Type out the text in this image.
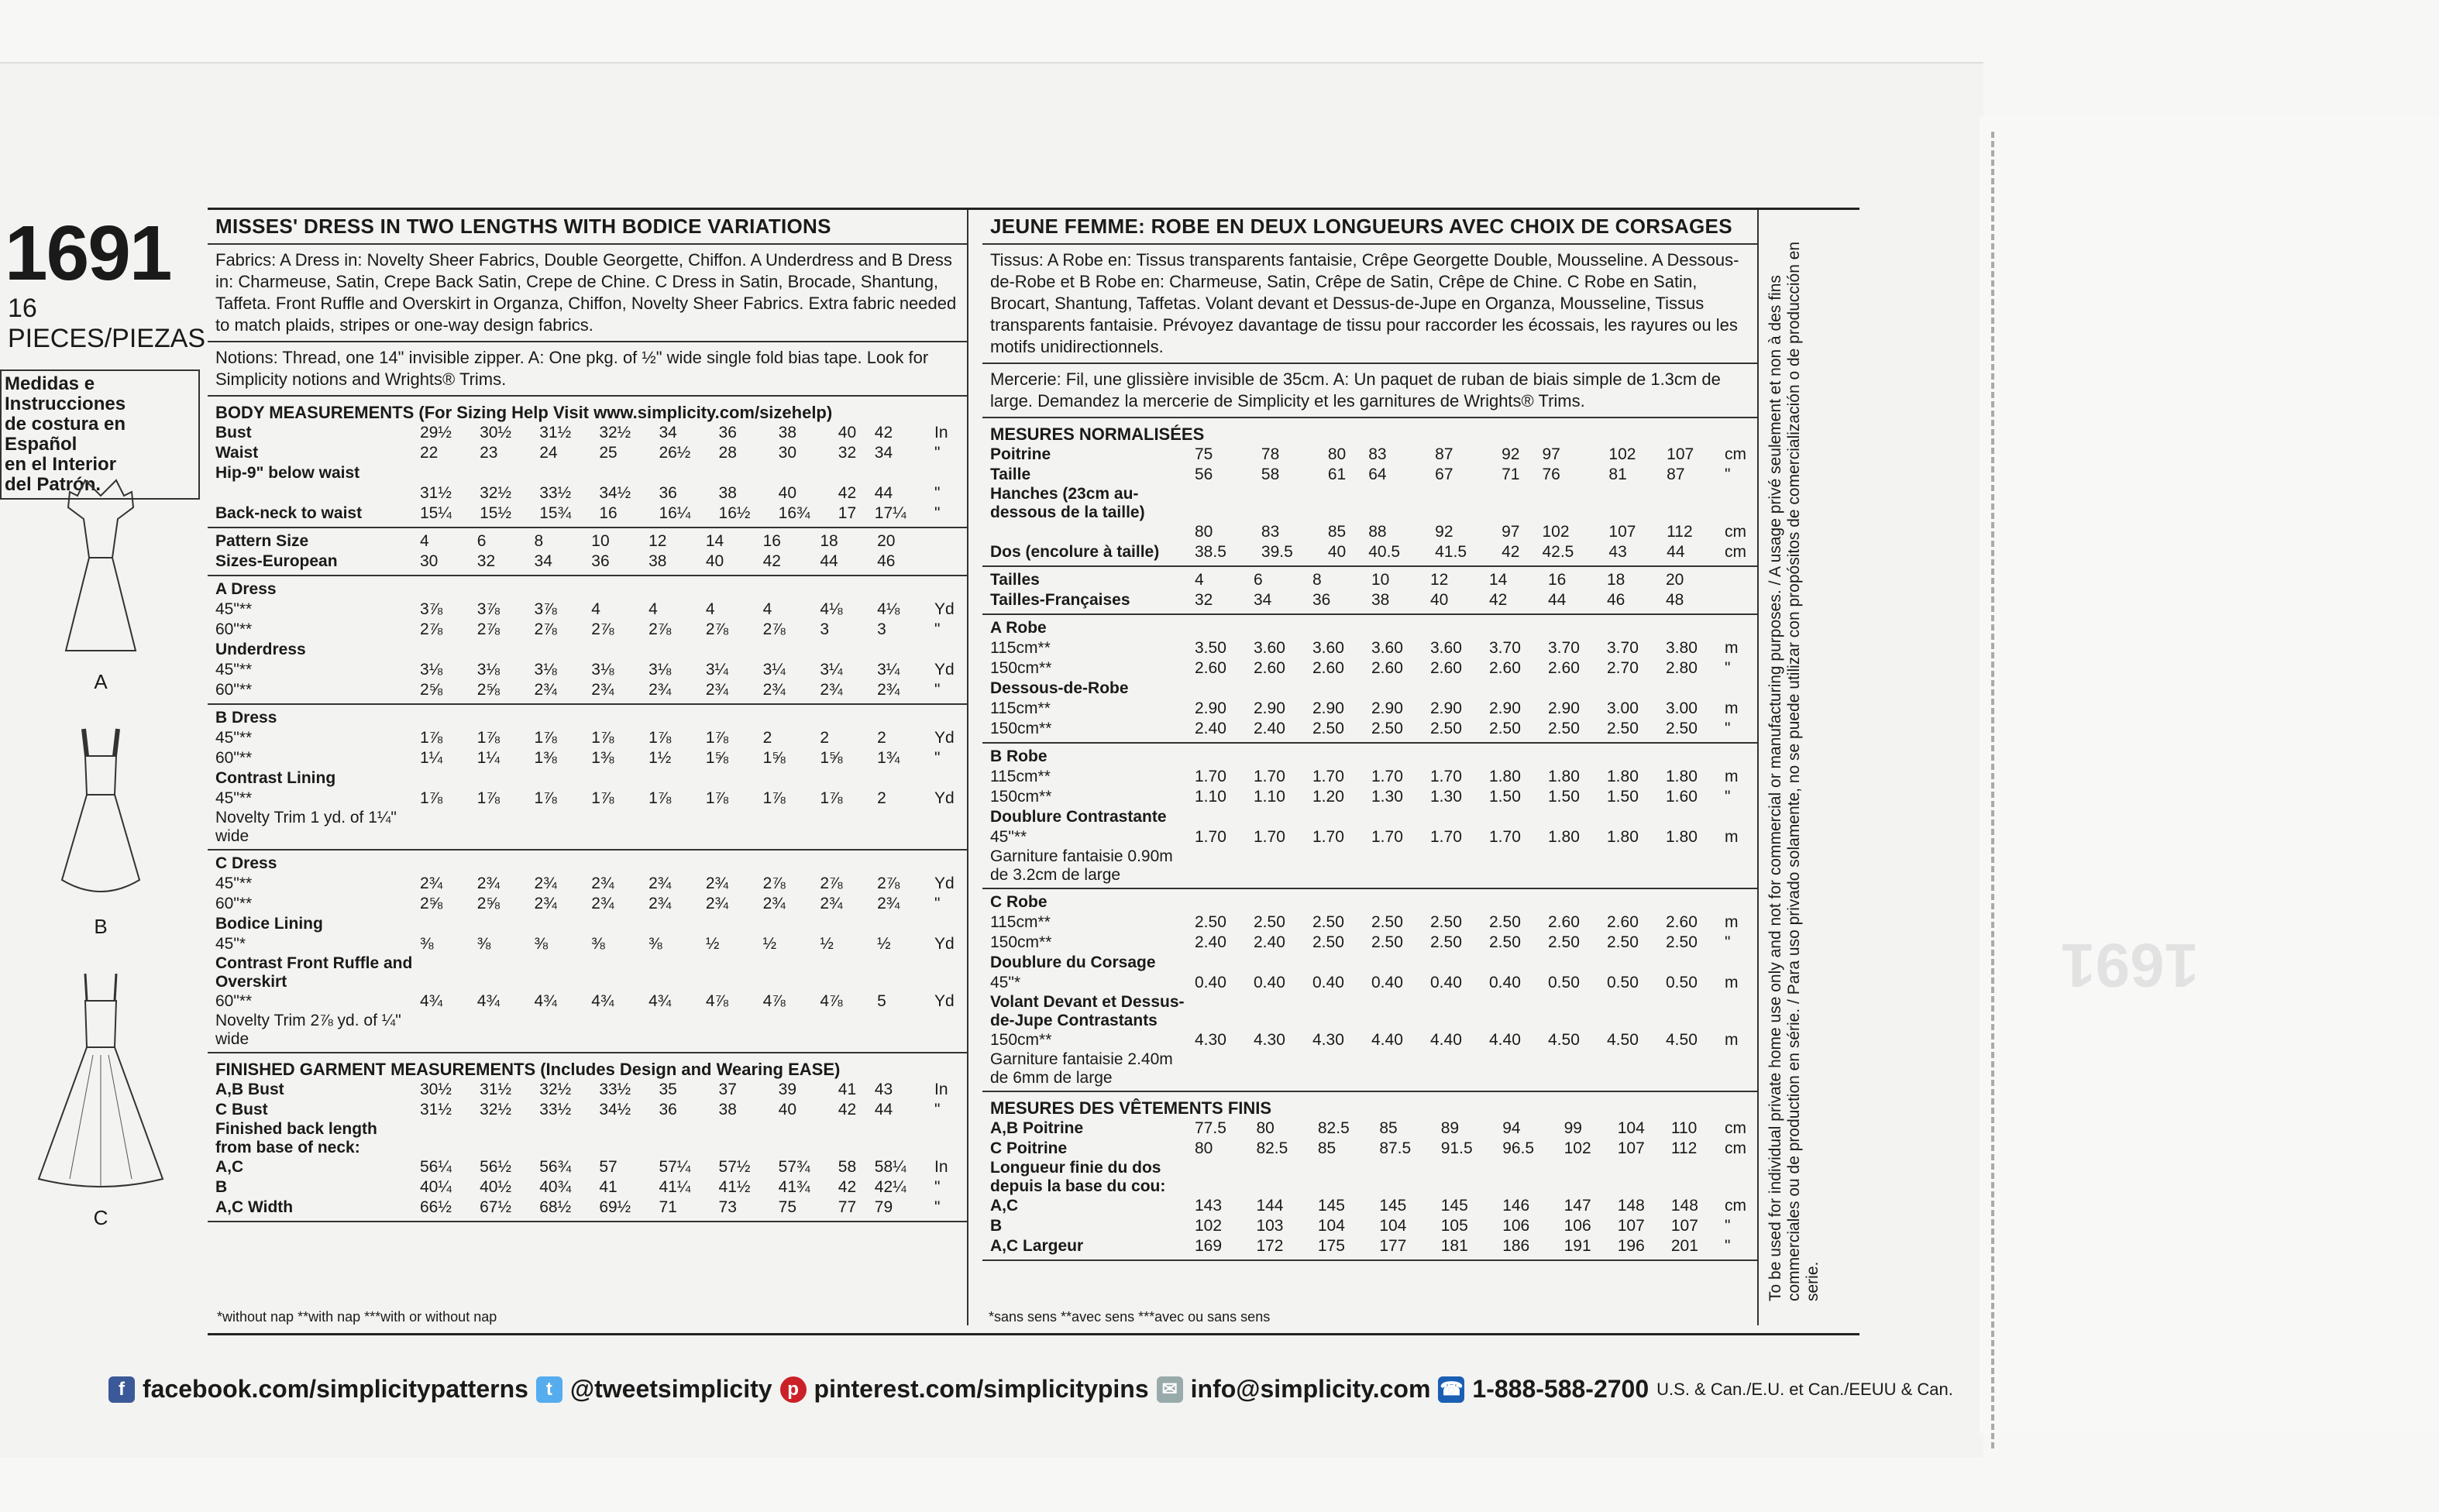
1691
1691
16 PIECES/PIEZAS
Medidas e Instrucciones
de costura en Español
en el Interior
del Patrón.
A
B
C
MISSES' DRESS IN TWO LENGTHS WITH BODICE VARIATIONS
Fabrics: A Dress in: Novelty Sheer Fabrics, Double Georgette, Chiffon. A Underdress and B Dress in: Charmeuse, Satin, Crepe Back Satin, Crepe de Chine. C Dress in Satin, Brocade, Shantung, Taffeta. Front Ruffle and Overskirt in Organza, Chiffon, Novelty Sheer Fabrics. Extra fabric needed to match plaids, stripes or one-way design fabrics.
Notions: Thread, one 14" invisible zipper. A: One pkg. of ½" wide single fold bias tape. Look for Simplicity notions and Wrights® Trims.
BODY MEASUREMENTS (For Sizing Help Visit www.simplicity.com/sizehelp)
Bust	29½	30½	31½	32½	34	36	38	40	42	In
Waist	22	23	24	25	26½	28	30	32	34	"
Hip-9" below waist										
	31½	32½	33½	34½	36	38	40	42	44	"
Back-neck to waist	15¼	15½	15¾	16	16¼	16½	16¾	17	17¼	"
Pattern Size	4	6	8	10	12	14	16	18	20	
Sizes-European	30	32	34	36	38	40	42	44	46	
A Dress										
45"**	3⅞	3⅞	3⅞	4	4	4	4	4⅛	4⅛	Yd
60"**	2⅞	2⅞	2⅞	2⅞	2⅞	2⅞	2⅞	3	3	"
Underdress										
45"**	3⅛	3⅛	3⅛	3⅛	3⅛	3¼	3¼	3¼	3¼	Yd
60"**	2⅝	2⅝	2¾	2¾	2¾	2¾	2¾	2¾	2¾	"
B Dress										
45"**	1⅞	1⅞	1⅞	1⅞	1⅞	1⅞	2	2	2	Yd
60"**	1¼	1¼	1⅜	1⅜	1½	1⅝	1⅝	1⅝	1¾	"
Contrast Lining										
45"**	1⅞	1⅞	1⅞	1⅞	1⅞	1⅞	1⅞	1⅞	2	Yd
Novelty Trim 1 yd. of 1¼" wide										
C Dress										
45"**	2¾	2¾	2¾	2¾	2¾	2¾	2⅞	2⅞	2⅞	Yd
60"**	2⅝	2⅝	2¾	2¾	2¾	2¾	2¾	2¾	2¾	"
Bodice Lining										
45"*	⅜	⅜	⅜	⅜	⅜	½	½	½	½	Yd
Contrast Front Ruffle and Overskirt										
60"**	4¾	4¾	4¾	4¾	4¾	4⅞	4⅞	4⅞	5	Yd
Novelty Trim 2⅞ yd. of ¼" wide										
FINISHED GARMENT MEASUREMENTS (Includes Design and Wearing EASE)
A,B Bust	30½	31½	32½	33½	35	37	39	41	43	In
C Bust	31½	32½	33½	34½	36	38	40	42	44	"
Finished back length from base of neck:										
A,C	56¼	56½	56¾	57	57¼	57½	57¾	58	58¼	In
B	40¼	40½	40¾	41	41¼	41½	41¾	42	42¼	"
A,C Width	66½	67½	68½	69½	71	73	75	77	79	"
JEUNE FEMME: ROBE EN DEUX LONGUEURS AVEC CHOIX DE CORSAGES
Tissus: A Robe en: Tissus transparents fantaisie, Crêpe Georgette Double, Mousseline. A Dessous-de-Robe et B Robe en: Charmeuse, Satin, Crêpe de Satin, Crêpe de Chine. C Robe en Satin, Brocart, Shantung, Taffetas. Volant devant et Dessus-de-Jupe en Organza, Mousseline, Tissus transparents fantaisie. Prévoyez davantage de tissu pour raccorder les écossais, les rayures ou les motifs unidirectionnels.
Mercerie: Fil, une glissière invisible de 35cm. A: Un paquet de ruban de biais simple de 1.3cm de large. Demandez la mercerie de Simplicity et les garnitures de Wrights® Trims.
MESURES NORMALISÉES
Poitrine	75	78	80	83	87	92	97	102	107	cm
Taille	56	58	61	64	67	71	76	81	87	"
Hanches (23cm au-dessous de la taille)										
	80	83	85	88	92	97	102	107	112	cm
Dos (encolure à taille)	38.5	39.5	40	40.5	41.5	42	42.5	43	44	cm
Tailles	4	6	8	10	12	14	16	18	20	
Tailles-Françaises	32	34	36	38	40	42	44	46	48	
A Robe										
115cm**	3.50	3.60	3.60	3.60	3.60	3.70	3.70	3.70	3.80	m
150cm**	2.60	2.60	2.60	2.60	2.60	2.60	2.60	2.70	2.80	"
Dessous-de-Robe										
115cm**	2.90	2.90	2.90	2.90	2.90	2.90	2.90	3.00	3.00	m
150cm**	2.40	2.40	2.50	2.50	2.50	2.50	2.50	2.50	2.50	"
B Robe										
115cm**	1.70	1.70	1.70	1.70	1.70	1.80	1.80	1.80	1.80	m
150cm**	1.10	1.10	1.20	1.30	1.30	1.50	1.50	1.50	1.60	"
Doublure Contrastante										
45"**	1.70	1.70	1.70	1.70	1.70	1.70	1.80	1.80	1.80	m
Garniture fantaisie 0.90m de 3.2cm de large										
C Robe										
115cm**	2.50	2.50	2.50	2.50	2.50	2.50	2.60	2.60	2.60	m
150cm**	2.40	2.40	2.50	2.50	2.50	2.50	2.50	2.50	2.50	"
Doublure du Corsage										
45"*	0.40	0.40	0.40	0.40	0.40	0.40	0.50	0.50	0.50	m
Volant Devant et Dessus-de-Jupe Contrastants										
150cm**	4.30	4.30	4.30	4.40	4.40	4.40	4.50	4.50	4.50	m
Garniture fantaisie 2.40m de 6mm de large										
MESURES DES VÊTEMENTS FINIS
A,B Poitrine	77.5	80	82.5	85	89	94	99	104	110	cm
C Poitrine	80	82.5	85	87.5	91.5	96.5	102	107	112	cm
Longueur finie du dos depuis la base du cou:										
A,C	143	144	145	145	145	146	147	148	148	cm
B	102	103	104	104	105	106	106	107	107	"
A,C Largeur	169	172	175	177	181	186	191	196	201	"
*without nap **with nap ***with or without nap	*sans sens **avec sens ***avec ou sans sens
To be used for individual private home use only and not for commercial or manufacturing purposes. / A usage privé seulement et non à des fins commerciales ou de production en série. / Para uso privado solamente, no se puede utilizar con propósitos de comercialización o de producción en serie.
f facebook.com/simplicitypatterns t @tweetsimplicity p pinterest.com/simplicitypins ✉ info@simplicity.com ☎ 1-888-588-2700 U.S. & Can./E.U. et Can./EEUU & Can.
